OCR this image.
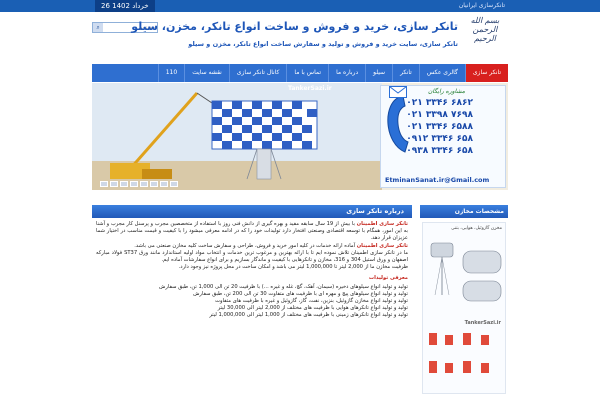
26 خرداد 1402	تانکرسازی ایرانیان
⌕
جستجو	تانکر سازی، خرید و فروش و ساخت انواع تانکر، مخزن، سیلو
تانکر سازی، سایت خرید و فروش و تولید و سفارش ساخت انواع تانکر، مخزن و سیلو
بسم الله الرحمن الرحیم
تانکر سازی
گالری عکس
تانکر
سیلو
درباره ما
تماس با ما
کانال تانکر سازی
نقشه سایت
110
TankerSazi.ir	مشاوره رایگان
۰۲۱ ۳۳۴۶ ۶۸۶۲
۰۲۱ ۳۳۹۸ ۷۶۹۸
۰۲۱ ۳۳۴۶ ۶۵۸۸
۰۹۱۲ ۳۳۴۶ ۶۵۸
۰۹۳۸ ۳۳۴۶ ۶۵۸
EtminanSanat.ir@Gmail.com
درباره تانکر سازی
تانکر سازی اطمینان با بیش از 19 سال سابقه مفید و بهره گیری از دانش فنی روز با استفاده از متخصصین مجرب و پرسنل کار مجرب و آشنا به این امور، همگام با توسعه اقتصادی وصنعتی افتخار دارد تولیدات خود را که در ادامه معرفی میشود را با کیفیت و قیمت مناسب در اختیار شما عزیزان قرار دهد.
تانکر سازی اطمینان آماده ارائه خدمات در کلیه امور خرید و فروش، طراحی و سفارش ساخت کلیه مخازن صنعتی می باشد.
ما در تانکر سازی اطمینان تلاش نموده ایم تا با ارائه بهترین و مرغوب ترین خدمات و انتخاب مواد اولیه استاندارد مانند ورق ST37 فولاد مبارکه اصفهان و ورق استیل 304 و 316، مخازن و تانکرهایی با کیفیت و ماندگار بسازیم و برای انواع سفارشات آماده ایم.
ظرفیت مخازن ما از 2,000 لیتر تا 1,000,000 لیتر می باشد و امکان ساخت در محل پروژه نیز وجود دارد.
معرفی تولیدات
تولید و تولید انواع سیلوهای ذخیره (سیمان، آهک، گچ، غله و غیره ...) با ظرفیت 20 تن الی 1,000 تن، طبق سفارش
تولید و تولید انواع سیلوهای پیچ و مهره ای با ظرفیت های متفاوت 30 تن الی 200 تن، طبق سفارش
تولید و تولید انواع مخازن گازوئیل، بنزین، نفت، گاز، گازوئیل و غیره با ظرفیت های متفاوت
تولید و تولید انواع تانکرهای هوایی با ظرفیت های مختلف از 2,000 لیتر الی 30,000 لیتر
تولید و تولید انواع تانکرهای زمینی با ظرفیت های مختلف از 1,000 لیتر الی 1,000,000 لیتر
مشخصات مخازن
مخزن گازوئیل، هوایی، بتنی
TankerSazi.ir
